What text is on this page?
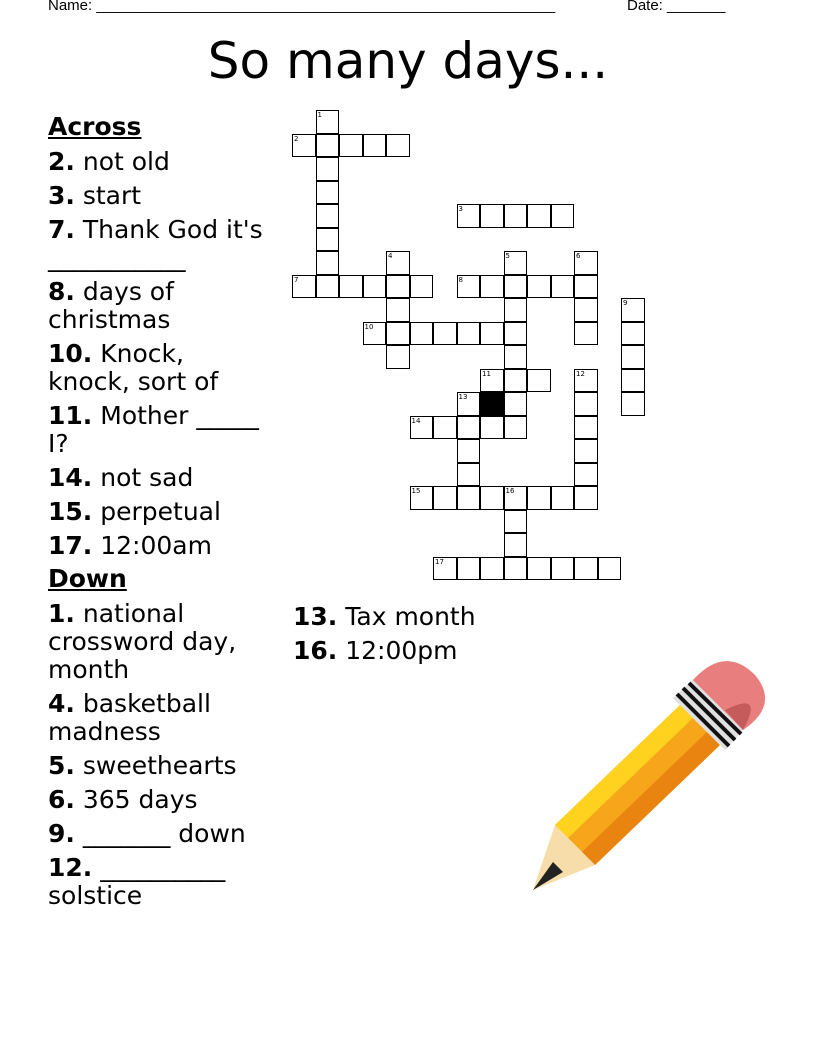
Name: _______________________________________________________	Date: _______
So many days...
Across
2. not old
3. start
7. Thank God it's ___________
8. days of christmas
10. Knock, knock, sort of
11. Mother _____ I?
14. not sad
15. perpetual
17. 12:00am
Down
1. national crossword day, month
4. basketball madness
5. sweethearts
6. 365 days
9. _______ down
12. __________ solstice
13. Tax month
16. 12:00pm
1
2
3
4	5	6
7	8
9
10
11	12
13
14
15	16
17
